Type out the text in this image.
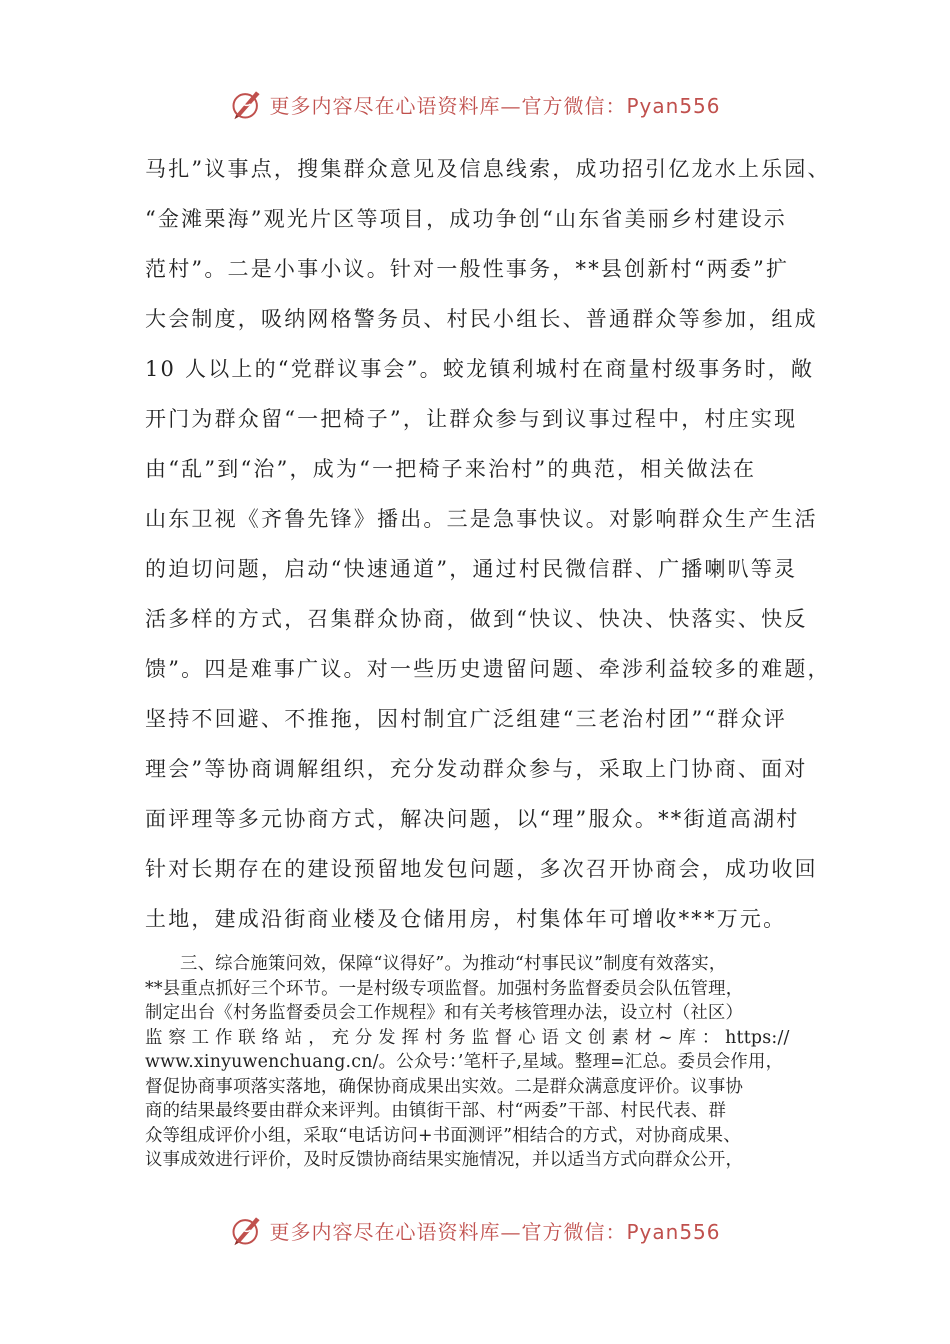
更多内容尽在心语资料库—官方微信：Pyan556
马扎”议事点，搜集群众意见及信息线索，成功招引亿龙水上乐园、
“金滩栗海”观光片区等项目，成功争创“山东省美丽乡村建设示
范村”。二是小事小议。针对一般性事务，**县创新村“两委”扩
大会制度，吸纳网格警务员、村民小组长、普通群众等参加，组成
10 人以上的“党群议事会”。蛟龙镇利城村在商量村级事务时，敞
开门为群众留“一把椅子”，让群众参与到议事过程中，村庄实现
由“乱”到“治”，成为“一把椅子来治村”的典范，相关做法在
山东卫视《齐鲁先锋》播出。三是急事快议。对影响群众生产生活
的迫切问题，启动“快速通道”，通过村民微信群、广播喇叭等灵
活多样的方式，召集群众协商，做到“快议、快决、快落实、快反
馈”。四是难事广议。对一些历史遗留问题、牵涉利益较多的难题，
坚持不回避、不推拖，因村制宜广泛组建“三老治村团”“群众评
理会”等协商调解组织，充分发动群众参与，采取上门协商、面对
面评理等多元协商方式，解决问题，以“理”服众。**街道高湖村
针对长期存在的建设预留地发包问题，多次召开协商会，成功收回
土地，建成沿街商业楼及仓储用房，村集体年可增收***万元。
三、综合施策问效，保障“议得好”。为推动“村事民议”制度有效落实，
**县重点抓好三个环节。一是村级专项监督。加强村务监督委员会队伍管理，
制定出台《村务监督委员会工作规程》和有关考核管理办法，设立村（社区）
监 察 工 作 联 络 站 ， 充 分 发 挥 村 务 监 督 心 语 文 创 素 材 ~ 库 ： https://
www.xinyuwenchuang.cn/。公众号：’笔杆子,星域。整理=汇总。委员会作用，
督促协商事项落实落地，确保协商成果出实效。二是群众满意度评价。议事协
商的结果最终要由群众来评判。由镇街干部、村“两委”干部、村民代表、群
众等组成评价小组，采取“电话访问+书面测评”相结合的方式，对协商成果、
议事成效进行评价，及时反馈协商结果实施情况，并以适当方式向群众公开，
更多内容尽在心语资料库—官方微信：Pyan556
